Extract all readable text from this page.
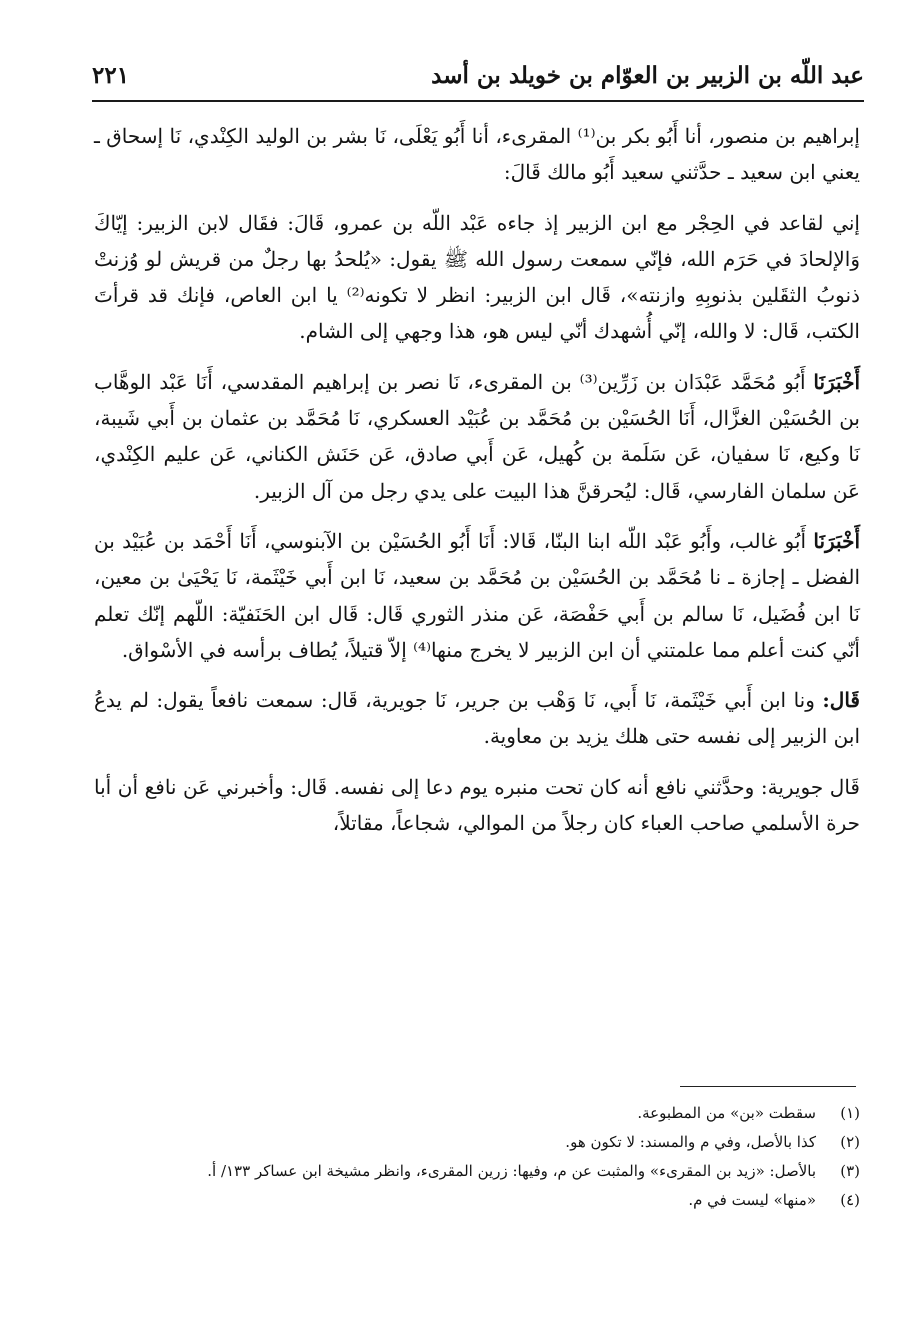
عبد اللّه بن الزبير بن العوّام بن خويلد بن أسد
٢٢١

إبراهيم بن منصور، أنا أَبُو بكر بن⁽¹⁾ المقرىء، أنا أَبُو يَعْلَى، نَا بشر بن الوليد الكِنْدي، نَا إسحاق ـ يعني ابن سعيد ـ حدَّثني سعيد أَبُو مالك قَالَ:

إني لقاعد في الحِجْر مع ابن الزبير إذ جاءه عَبْد اللّه بن عمرو، قَالَ: فقَال لابن الزبير: إيّاكَ وَالإلحادَ في حَرَم الله، فإنّي سمعت رسول الله ﷺ يقول: «يُلحدُ بها رجلٌ من قريش لو وُزنتْ ذنوبُ الثقَلين بذنوبِهِ وازنته»، قَال ابن الزبير: انظر لا تكونه⁽²⁾ يا ابن العاص، فإنك قد قرأتَ الكتب، قَال: لا والله، إنّي أُشهدك أنّي ليس هو، هذا وجهي إلى الشام.

أَخْبَرَنَا أَبُو مُحَمَّد عَبْدَان بن زَرِّين⁽³⁾ بن المقرىء، نَا نصر بن إبراهيم المقدسي، أَنَا عَبْد الوهَّاب بن الحُسَيْن الغزَّال، أَنَا الحُسَيْن بن مُحَمَّد بن عُبَيْد العسكري، نَا مُحَمَّد بن عثمان بن أَبي شَيبة، نَا وكيع، نَا سفيان، عَن سَلَمة بن كُهيل، عَن أَبي صادق، عَن حَنَش الكناني، عَن عليم الكِنْدي، عَن سلمان الفارسي، قَال: ليُحرقنَّ هذا البيت على يدي رجل من آل الزبير.

أَخْبَرَنَا أَبُو غالب، وأَبُو عَبْد اللّه ابنا البنّا، قَالا: أَنَا أَبُو الحُسَيْن بن الآبنوسي، أَنَا أَحْمَد بن عُبَيْد بن الفضل ـ إجازة ـ نا مُحَمَّد بن الحُسَيْن بن مُحَمَّد بن سعيد، نَا ابن أَبي خَيْثَمة، نَا يَحْيَىٰ بن معين، نَا ابن فُضَيل، نَا سالم بن أَبي حَفْصَة، عَن منذر الثوري قَال: قَال ابن الحَنَفيّة: اللّهم إنّك تعلم أنّي كنت أعلم مما علمتني أن ابن الزبير لا يخرج منها⁽⁴⁾ إلاّ قتيلاً، يُطاف برأسه في الأسْواق.

قَال: ونا ابن أَبي خَيْثَمة، نَا أَبي، نَا وَهْب بن جرير، نَا جويرية، قَال: سمعت نافعاً يقول: لم يدعُ ابن الزبير إلى نفسه حتى هلك يزيد بن معاوية.

قَال جويرية: وحدَّثني نافع أنه كان تحت منبره يوم دعا إلى نفسه. قَال: وأخبرني عَن نافع أن أبا حرة الأسلمي صاحب العباء كان رجلاً من الموالي، شجاعاً، مقاتلاً،

(١)
سقطت «بن» من المطبوعة.
(٢)
كذا بالأصل، وفي م والمسند: لا تكون هو.
(٣)
بالأصل: «زيد بن المقرىء» والمثبت عن م، وفيها: زرين المقرىء، وانظر مشيخة ابن عساكر ١٣٣/ أ.
(٤)
«منها» ليست في م.
